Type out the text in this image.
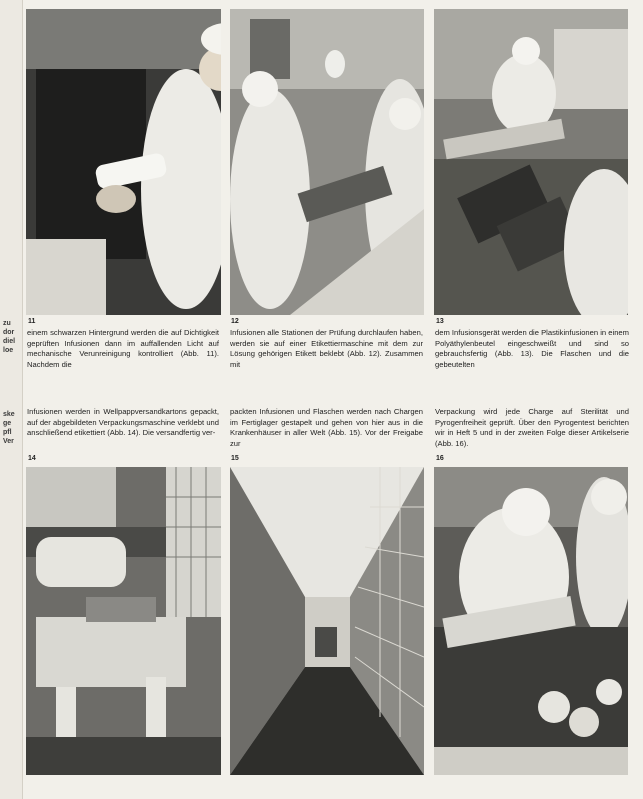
zu
dor
diel
loe
ske
ge
pfl
Ver
11	12	13
einem schwarzen Hintergrund werden die auf Dichtigkeit geprüften Infusionen dann im auffallenden Licht auf mechanische Verunreinigung kontrolliert (Abb. 11). Nachdem die
Infusionen alle Stationen der Prüfung durchlaufen haben, werden sie auf einer Etikettiermaschine mit dem zur Lösung gehörigen Etikett beklebt (Abb. 12). Zusammen mit
dem Infusionsgerät werden die Plastikinfusionen in einem Polyäthylenbeutel eingeschweißt und sind so gebrauchsfertig (Abb. 13). Die Flaschen und die gebeutelten
Infusionen werden in Wellpappversandkartons gepackt, auf der abgebildeten Verpackungsmaschine verklebt und anschließend etikettiert (Abb. 14). Die versandfertig ver-
packten Infusionen und Flaschen werden nach Chargen im Fertiglager gestapelt und gehen von hier aus in die Krankenhäuser in aller Welt (Abb. 15). Vor der Freigabe zur
Verpackung wird jede Charge auf Sterilität und Pyrogenfreiheit geprüft. Über den Pyrogentest berichten wir in Heft 5 und in der zweiten Folge dieser Artikelserie (Abb. 16).
14	15	16
